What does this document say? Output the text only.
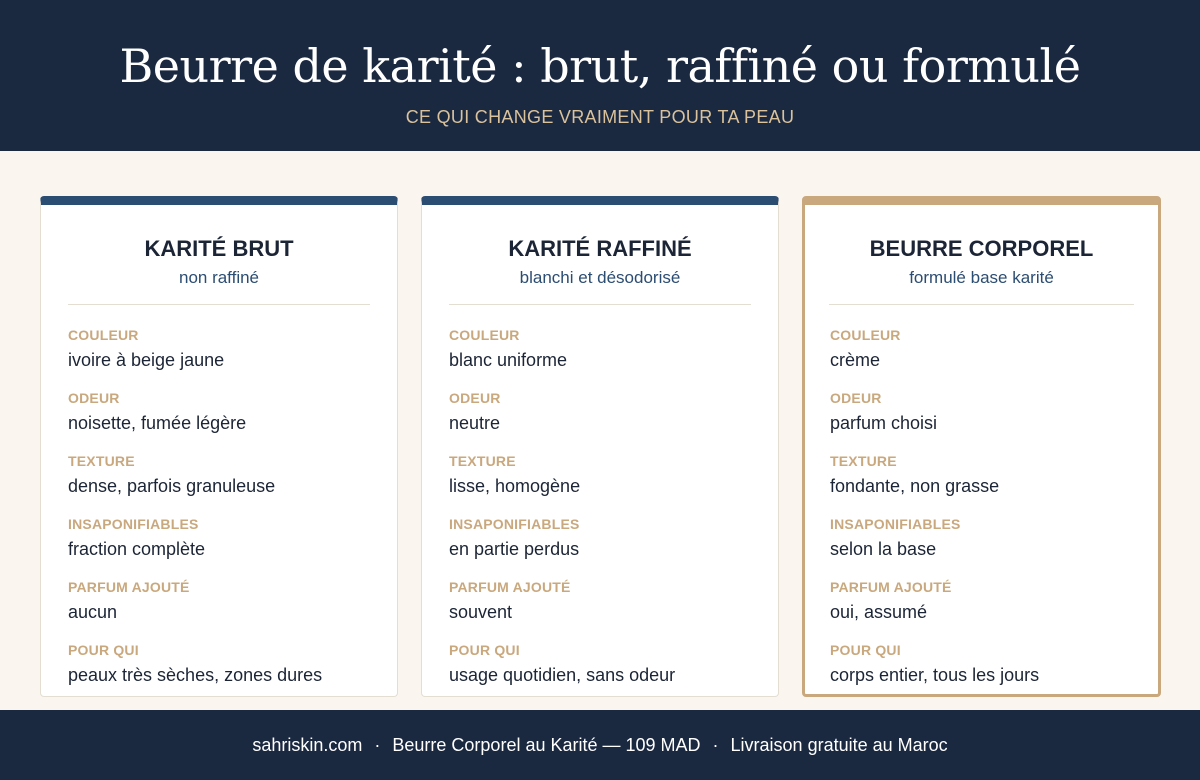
Beurre de karité : brut, raffiné ou formulé
CE QUI CHANGE VRAIMENT POUR TA PEAU
KARITÉ BRUT
non raffiné
COULEUR
ivoire à beige jaune
ODEUR
noisette, fumée légère
TEXTURE
dense, parfois granuleuse
INSAPONIFIABLES
fraction complète
PARFUM AJOUTÉ
aucun
POUR QUI
peaux très sèches, zones dures
KARITÉ RAFFINÉ
blanchi et désodorisé
COULEUR
blanc uniforme
ODEUR
neutre
TEXTURE
lisse, homogène
INSAPONIFIABLES
en partie perdus
PARFUM AJOUTÉ
souvent
POUR QUI
usage quotidien, sans odeur
BEURRE CORPOREL
formulé base karité
COULEUR
crème
ODEUR
parfum choisi
TEXTURE
fondante, non grasse
INSAPONIFIABLES
selon la base
PARFUM AJOUTÉ
oui, assumé
POUR QUI
corps entier, tous les jours
sahriskin.com · Beurre Corporel au Karité — 109 MAD · Livraison gratuite au Maroc
